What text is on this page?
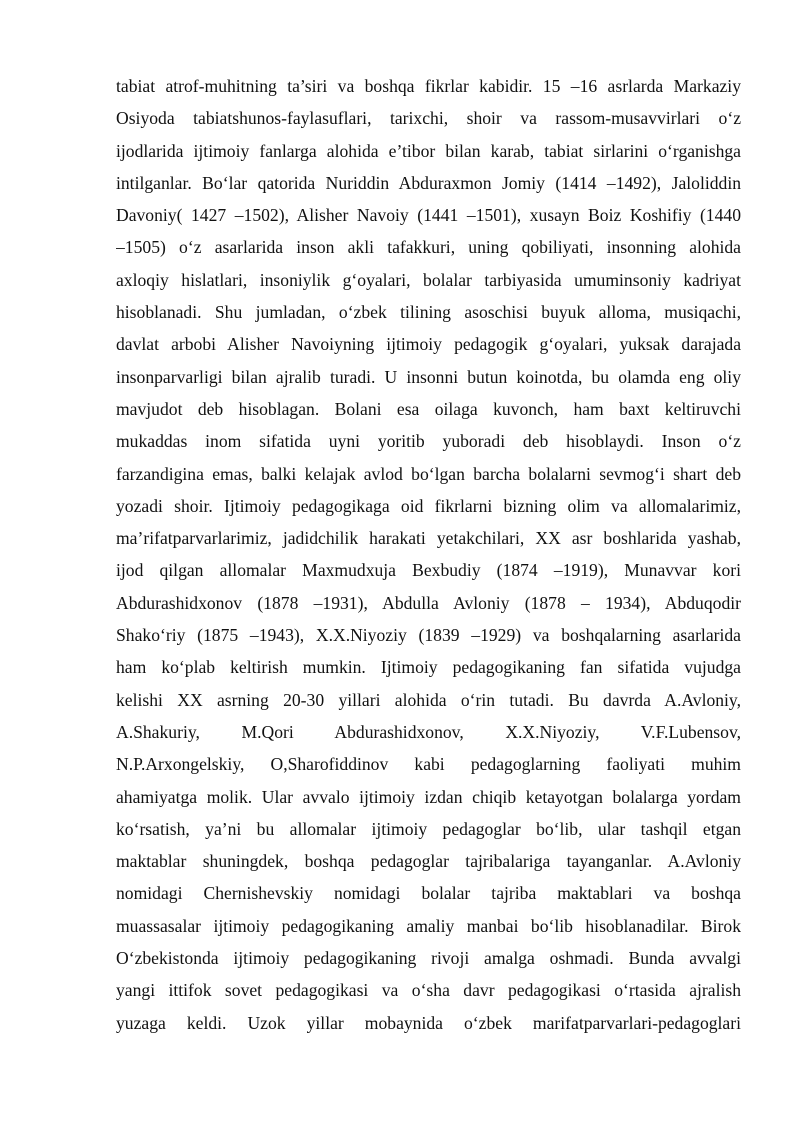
tabiat atrof-muhitning ta’siri va boshqa fikrlar kabidir. 15 –16 asrlarda Markaziy
Osiyoda tabiatshunos-faylasuflari, tarixchi, shoir va rassom-musavvirlari o‘z
ijodlarida ijtimoiy fanlarga alohida e’tibor bilan karab, tabiat sirlarini o‘rganishga
intilganlar. Bo‘lar qatorida Nuriddin Abduraxmon Jomiy (1414 –1492), Jaloliddin
Davoniy( 1427 –1502), Alisher Navoiy (1441 –1501), xusayn Boiz Koshifiy (1440
–1505) o‘z asarlarida inson akli tafakkuri, uning qobiliyati, insonning alohida
axloqiy hislatlari, insoniylik g‘oyalari, bolalar tarbiyasida umuminsoniy kadriyat
hisoblanadi. Shu jumladan, o‘zbek tilining asoschisi buyuk alloma, musiqachi,
davlat arbobi Alisher Navoiyning ijtimoiy pedagogik g‘oyalari, yuksak darajada
insonparvarligi bilan ajralib turadi. U insonni butun koinotda, bu olamda eng oliy
mavjudot deb hisoblagan. Bolani esa oilaga kuvonch, ham baxt keltiruvchi
mukaddas inom sifatida uyni yoritib yuboradi deb hisoblaydi. Inson o‘z
farzandigina emas, balki kelajak avlod bo‘lgan barcha bolalarni sevmog‘i shart deb
yozadi shoir. Ijtimoiy pedagogikaga oid fikrlarni bizning olim va allomalarimiz,
ma’rifatparvarlarimiz, jadidchilik harakati yetakchilari, XX asr boshlarida yashab,
ijod qilgan allomalar Maxmudxuja Bexbudiy (1874 –1919), Munavvar kori
Abdurashidxonov (1878 –1931), Abdulla Avloniy (1878 – 1934), Abduqodir
Shako‘riy (1875 –1943), X.X.Niyoziy (1839 –1929) va boshqalarning asarlarida
ham ko‘plab keltirish mumkin. Ijtimoiy pedagogikaning fan sifatida vujudga
kelishi XX asrning 20-30 yillari alohida o‘rin tutadi. Bu davrda A.Avloniy,
A.Shakuriy, M.Qori Abdurashidxonov, X.X.Niyoziy, V.F.Lubensov,
N.P.Arxongelskiy, O,Sharofiddinov kabi pedagoglarning faoliyati muhim
ahamiyatga molik. Ular avvalo ijtimoiy izdan chiqib ketayotgan bolalarga yordam
ko‘rsatish, ya’ni bu allomalar ijtimoiy pedagoglar bo‘lib, ular tashqil etgan
maktablar shuningdek, boshqa pedagoglar tajribalariga tayanganlar. A.Avloniy
nomidagi Chernishevskiy nomidagi bolalar tajriba maktablari va boshqa
muassasalar ijtimoiy pedagogikaning amaliy manbai bo‘lib hisoblanadilar. Birok
O‘zbekistonda ijtimoiy pedagogikaning rivoji amalga oshmadi. Bunda avvalgi
yangi ittifok sovet pedagogikasi va o‘sha davr pedagogikasi o‘rtasida ajralish
yuzaga keldi. Uzok yillar mobaynida o‘zbek marifatparvarlari-pedagoglari
